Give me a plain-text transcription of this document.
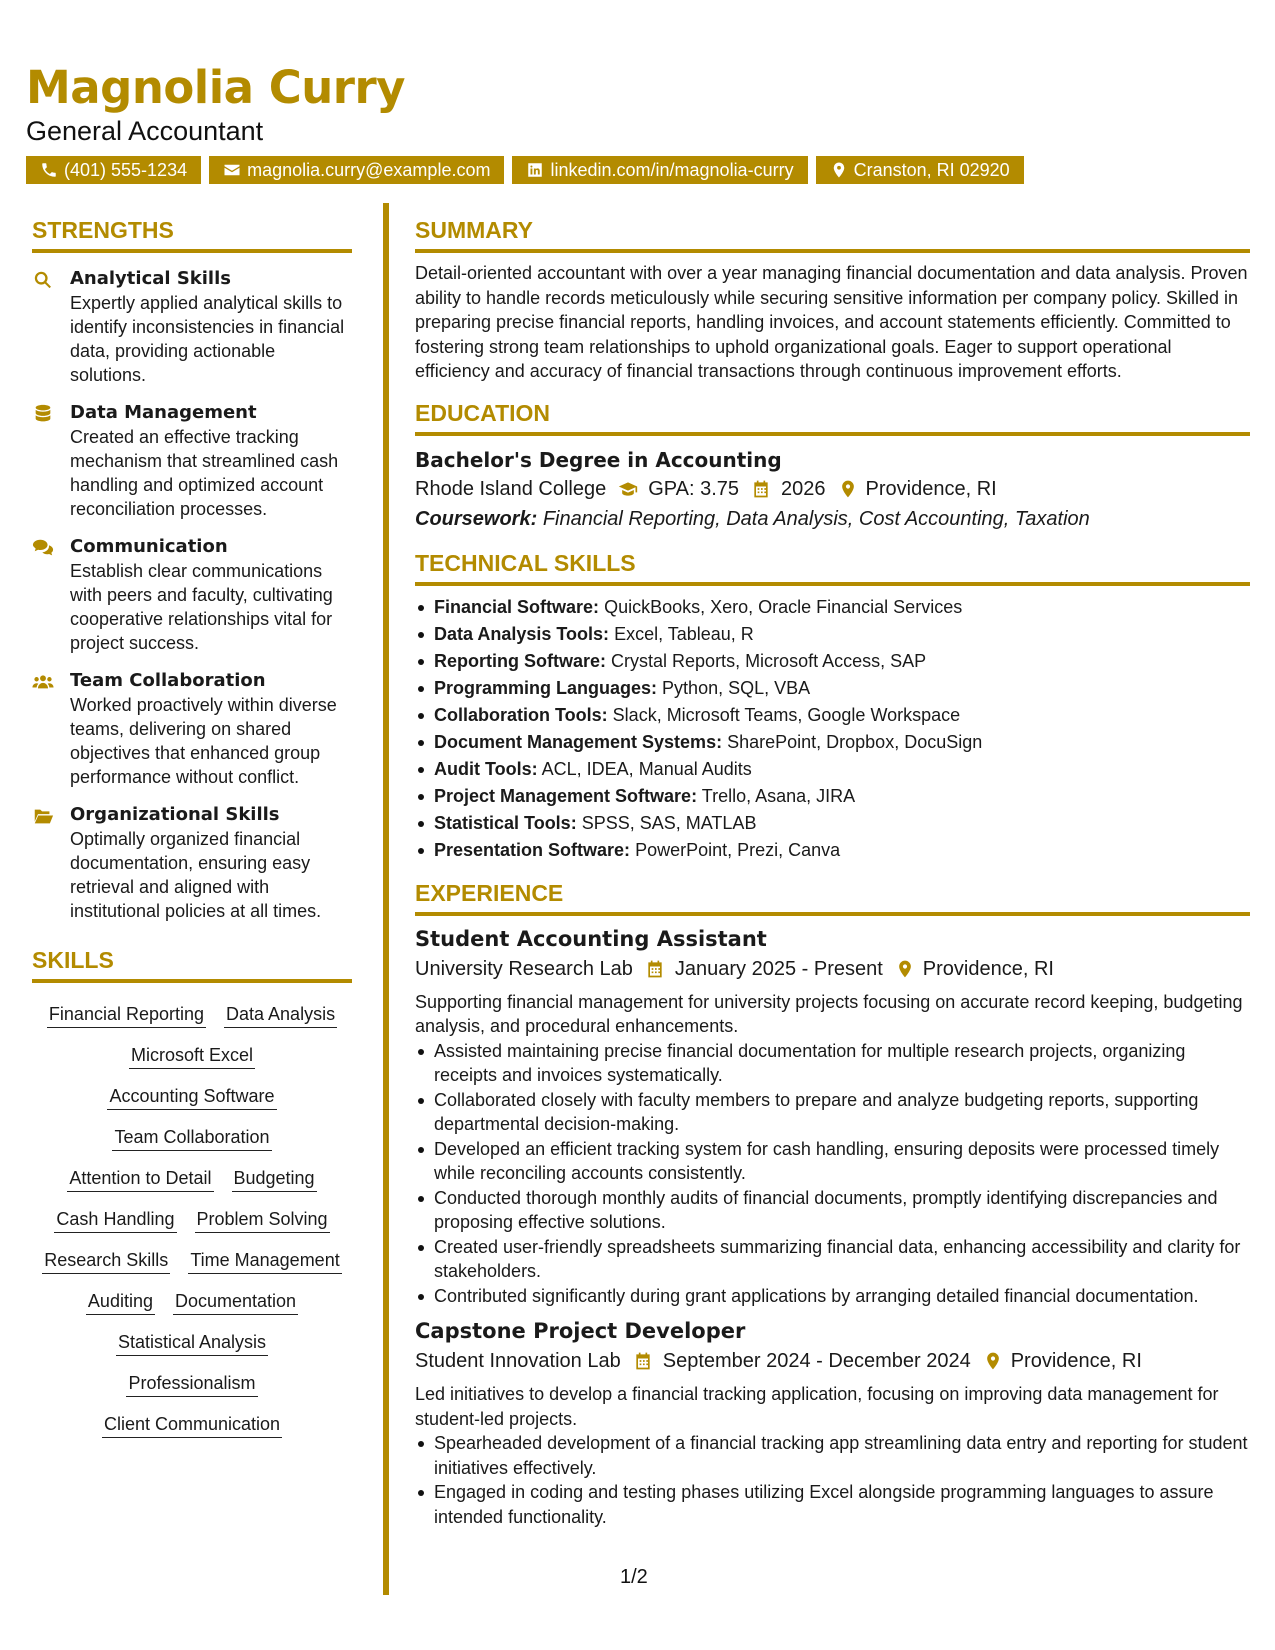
Magnolia Curry
General Accountant
(401) 555-1234	magnolia.curry@example.com	linkedin.com/in/magnolia-curry	Cranston, RI 02920
STRENGTHS
Analytical Skills
Expertly applied analytical skills to identify inconsistencies in financial data, providing actionable solutions.
Data Management
Created an effective tracking mechanism that streamlined cash handling and optimized account reconciliation processes.
Communication
Establish clear communications with peers and faculty, cultivating cooperative relationships vital for project success.
Team Collaboration
Worked proactively within diverse teams, delivering on shared objectives that enhanced group performance without conflict.
Organizational Skills
Optimally organized financial documentation, ensuring easy retrieval and aligned with institutional policies at all times.
SKILLS
Financial Reporting Data Analysis
Microsoft Excel
Accounting Software
Team Collaboration
Attention to Detail Budgeting
Cash Handling Problem Solving
Research Skills Time Management
Auditing Documentation
Statistical Analysis
Professionalism
Client Communication
SUMMARY
Detail-oriented accountant with over a year managing financial documentation and data analysis. Proven ability to handle records meticulously while securing sensitive information per company policy. Skilled in preparing precise financial reports, handling invoices, and account statements efficiently. Committed to fostering strong team relationships to uphold organizational goals. Eager to support operational efficiency and accuracy of financial transactions through continuous improvement efforts.
EDUCATION
Bachelor's Degree in Accounting
Rhode Island College GPA: 3.75 2026 Providence, RI
Coursework: Financial Reporting, Data Analysis, Cost Accounting, Taxation
TECHNICAL SKILLS
Financial Software: QuickBooks, Xero, Oracle Financial Services
Data Analysis Tools: Excel, Tableau, R
Reporting Software: Crystal Reports, Microsoft Access, SAP
Programming Languages: Python, SQL, VBA
Collaboration Tools: Slack, Microsoft Teams, Google Workspace
Document Management Systems: SharePoint, Dropbox, DocuSign
Audit Tools: ACL, IDEA, Manual Audits
Project Management Software: Trello, Asana, JIRA
Statistical Tools: SPSS, SAS, MATLAB
Presentation Software: PowerPoint, Prezi, Canva
EXPERIENCE
Student Accounting Assistant
University Research Lab January 2025 - Present Providence, RI
Supporting financial management for university projects focusing on accurate record keeping, budgeting analysis, and procedural enhancements.
Assisted maintaining precise financial documentation for multiple research projects, organizing receipts and invoices systematically.
Collaborated closely with faculty members to prepare and analyze budgeting reports, supporting departmental decision-making.
Developed an efficient tracking system for cash handling, ensuring deposits were processed timely while reconciling accounts consistently.
Conducted thorough monthly audits of financial documents, promptly identifying discrepancies and proposing effective solutions.
Created user-friendly spreadsheets summarizing financial data, enhancing accessibility and clarity for stakeholders.
Contributed significantly during grant applications by arranging detailed financial documentation.
Capstone Project Developer
Student Innovation Lab September 2024 - December 2024 Providence, RI
Led initiatives to develop a financial tracking application, focusing on improving data management for student-led projects.
Spearheaded development of a financial tracking app streamlining data entry and reporting for student initiatives effectively.
Engaged in coding and testing phases utilizing Excel alongside programming languages to assure intended functionality.
1/2
